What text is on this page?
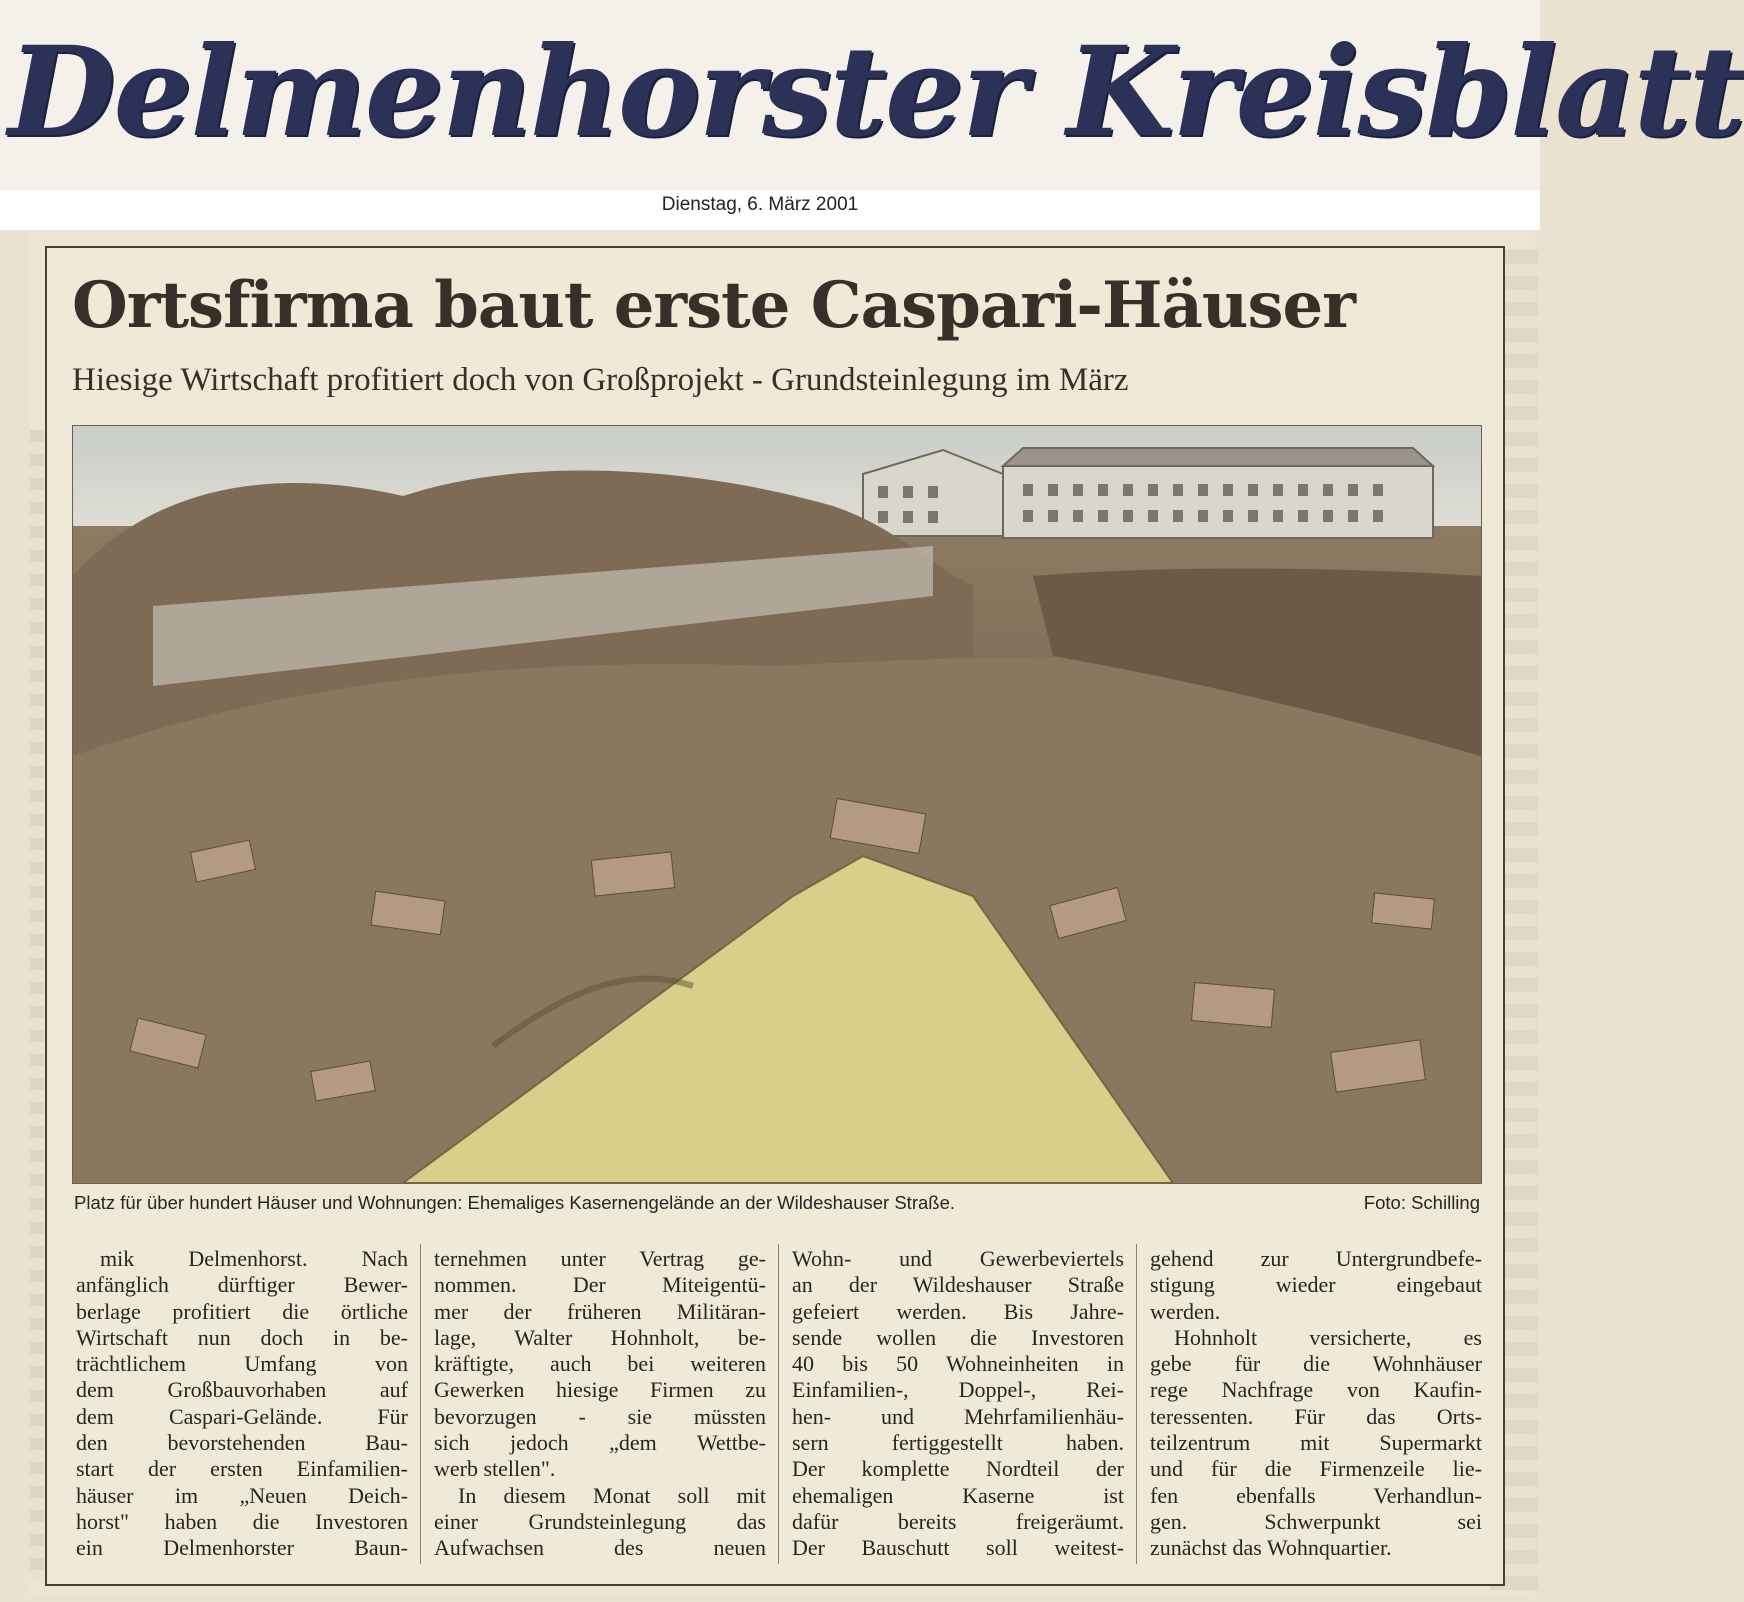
Delmenhorster Kreisblatt
Dienstag, 6. März 2001
Ortsfirma baut erste Caspari-Häuser
Hiesige Wirtschaft profitiert doch von Großprojekt - Grundsteinlegung im März
Platz für über hundert Häuser und Wohnungen: Ehemaliges Kasernengelände an der Wildeshauser Straße.	Foto: Schilling
mik Delmenhorst. Nach
anfänglich dürftiger Bewer-
berlage profitiert die örtliche
Wirtschaft nun doch in be-
trächtlichem Umfang von
dem Großbauvorhaben auf
dem Caspari-Gelände. Für
den bevorstehenden Bau-
start der ersten Einfamilien-
häuser im „Neuen Deich-
horst" haben die Investoren
ein Delmenhorster Baun-
ternehmen unter Vertrag ge-
nommen. Der Miteigentü-
mer der früheren Militäran-
lage, Walter Hohnholt, be-
kräftigte, auch bei weiteren
Gewerken hiesige Firmen zu
bevorzugen - sie müssten
sich jedoch „dem Wettbe-
werb stellen".
In diesem Monat soll mit
einer Grundsteinlegung das
Aufwachsen des neuen
Wohn- und Gewerbeviertels
an der Wildeshauser Straße
gefeiert werden. Bis Jahre-
sende wollen die Investoren
40 bis 50 Wohneinheiten in
Einfamilien-, Doppel-, Rei-
hen- und Mehrfamilienhäu-
sern fertiggestellt haben.
Der komplette Nordteil der
ehemaligen Kaserne ist
dafür bereits freigeräumt.
Der Bauschutt soll weitest-
gehend zur Untergrundbefe-
stigung wieder eingebaut
werden.
Hohnholt versicherte, es
gebe für die Wohnhäuser
rege Nachfrage von Kaufin-
teressenten. Für das Orts-
teilzentrum mit Supermarkt
und für die Firmenzeile lie-
fen ebenfalls Verhandlun-
gen. Schwerpunkt sei
zunächst das Wohnquartier.
